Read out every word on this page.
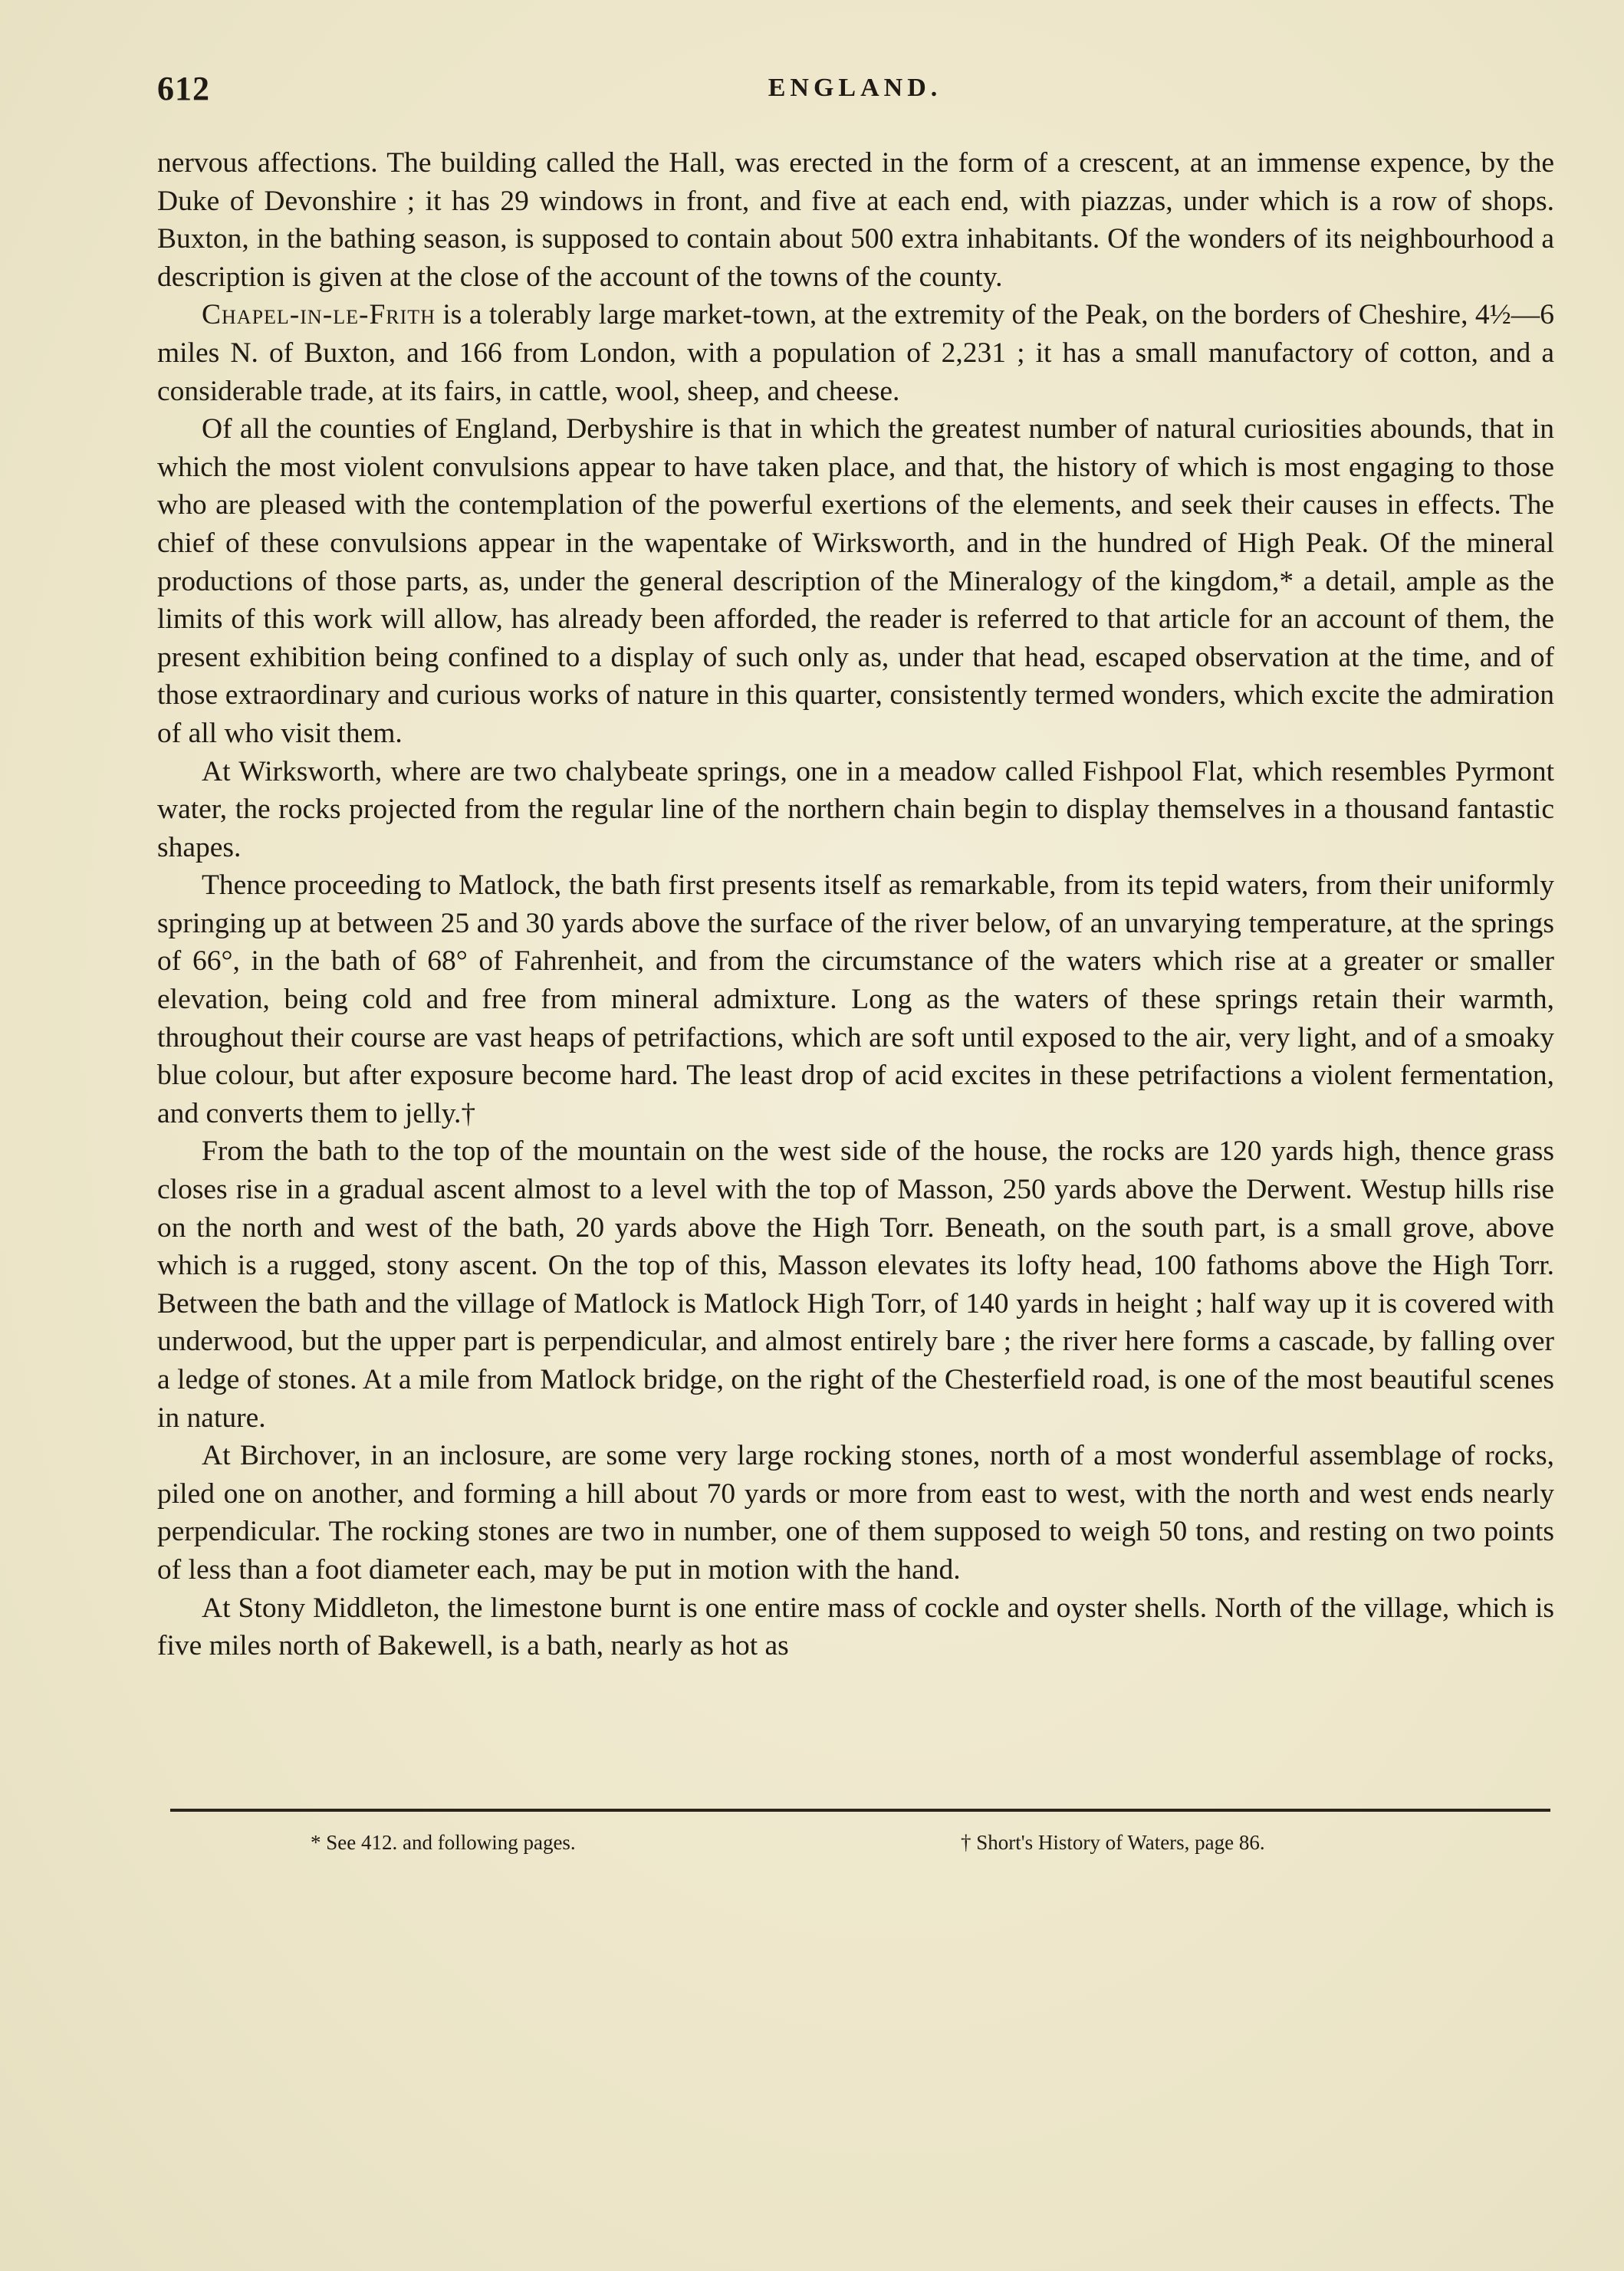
612	ENGLAND.

nervous affections. The building called the Hall, was erected in the form of a crescent, at an immense expence, by the Duke of Devonshire ; it has 29 windows in front, and five at each end, with piazzas, under which is a row of shops. Buxton, in the bathing season, is supposed to contain about 500 extra inhabitants. Of the wonders of its neighbourhood a description is given at the close of the account of the towns of the county.

Chapel-in-le-Frith is a tolerably large market-town, at the extremity of the Peak, on the borders of Cheshire, 4½—6 miles N. of Buxton, and 166 from London, with a population of 2,231 ; it has a small manufactory of cotton, and a considerable trade, at its fairs, in cattle, wool, sheep, and cheese.

Of all the counties of England, Derbyshire is that in which the greatest number of natural curiosities abounds, that in which the most violent convulsions appear to have taken place, and that, the history of which is most engaging to those who are pleased with the contemplation of the powerful exertions of the elements, and seek their causes in effects. The chief of these convulsions appear in the wapentake of Wirksworth, and in the hundred of High Peak. Of the mineral productions of those parts, as, under the general description of the Mineralogy of the kingdom,* a detail, ample as the limits of this work will allow, has already been afforded, the reader is referred to that article for an account of them, the present exhibition being confined to a display of such only as, under that head, escaped observation at the time, and of those extraordinary and curious works of nature in this quarter, consistently termed wonders, which excite the admiration of all who visit them.

At Wirksworth, where are two chalybeate springs, one in a meadow called Fishpool Flat, which resembles Pyrmont water, the rocks projected from the regular line of the northern chain begin to display themselves in a thousand fantastic shapes.

Thence proceeding to Matlock, the bath first presents itself as remarkable, from its tepid waters, from their uniformly springing up at between 25 and 30 yards above the surface of the river below, of an unvarying temperature, at the springs of 66°, in the bath of 68° of Fahrenheit, and from the circumstance of the waters which rise at a greater or smaller elevation, being cold and free from mineral admixture. Long as the waters of these springs retain their warmth, throughout their course are vast heaps of petrifactions, which are soft until exposed to the air, very light, and of a smoaky blue colour, but after exposure become hard. The least drop of acid excites in these petrifactions a violent fermentation, and converts them to jelly.†

From the bath to the top of the mountain on the west side of the house, the rocks are 120 yards high, thence grass closes rise in a gradual ascent almost to a level with the top of Masson, 250 yards above the Derwent. Westup hills rise on the north and west of the bath, 20 yards above the High Torr. Beneath, on the south part, is a small grove, above which is a rugged, stony ascent. On the top of this, Masson elevates its lofty head, 100 fathoms above the High Torr. Between the bath and the village of Matlock is Matlock High Torr, of 140 yards in height ; half way up it is covered with underwood, but the upper part is perpendicular, and almost entirely bare ; the river here forms a cascade, by falling over a ledge of stones. At a mile from Matlock bridge, on the right of the Chesterfield road, is one of the most beautiful scenes in nature.

At Birchover, in an inclosure, are some very large rocking stones, north of a most wonderful assemblage of rocks, piled one on another, and forming a hill about 70 yards or more from east to west, with the north and west ends nearly perpendicular. The rocking stones are two in number, one of them supposed to weigh 50 tons, and resting on two points of less than a foot diameter each, may be put in motion with the hand.

At Stony Middleton, the limestone burnt is one entire mass of cockle and oyster shells. North of the village, which is five miles north of Bakewell, is a bath, nearly as hot as

* See 412. and following pages.	† Short's History of Waters, page 86.
